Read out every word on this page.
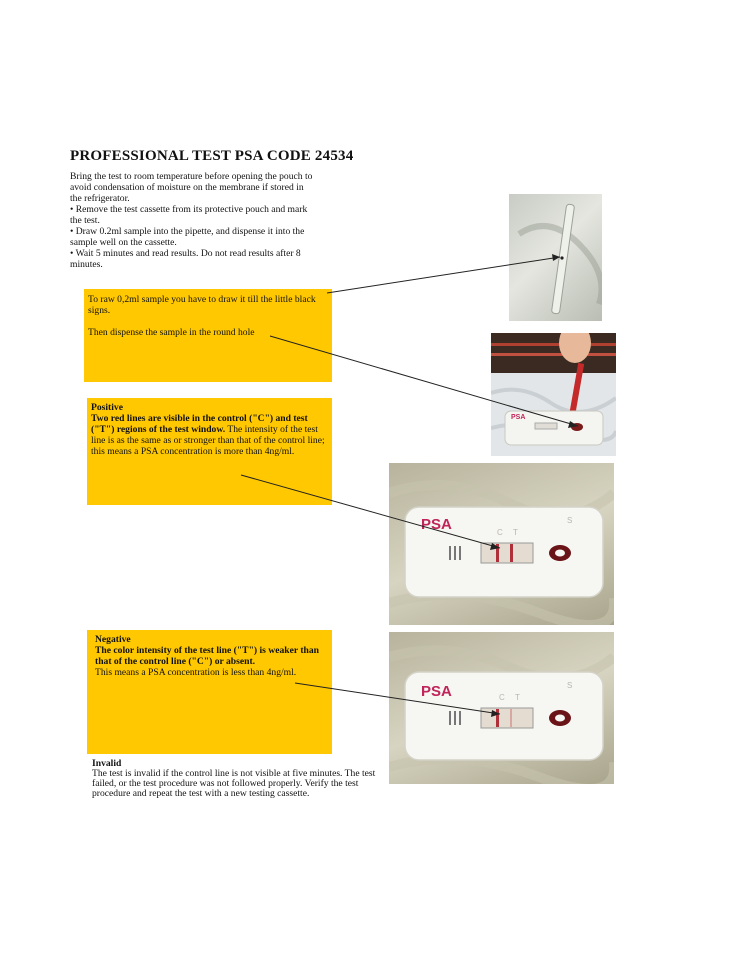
PROFESSIONAL TEST PSA CODE 24534

Bring the test to room temperature before opening the pouch to avoid condensation of moisture on the membrane if stored in the refrigerator.

• Remove the test cassette from its protective pouch and mark the test.

• Draw 0.2ml sample into the pipette, and dispense it into the sample well on the cassette.

• Wait 5 minutes and read results. Do not read results after 8 minutes.

To raw 0,2ml sample you have to draw it till the little black signs.

Then dispense the sample in the round hole

Positive

Two red lines are visible in the control ("C") and test ("T") regions of the test window. The intensity of the test line is as the same as or stronger than that of the control line; this means a PSA concentration is more than 4ng/ml.

Negative

The color intensity of the test line ("T") is weaker than that of the control line ("C") or absent.

This means a PSA concentration is less than 4ng/ml.

Invalid

The test is invalid if the control line is not visible at five minutes. The test failed, or the test procedure was not followed properly. Verify the test procedure and repeat the test with a new testing cassette.

PSA
PSA	C T
S
PSA	C T
S
